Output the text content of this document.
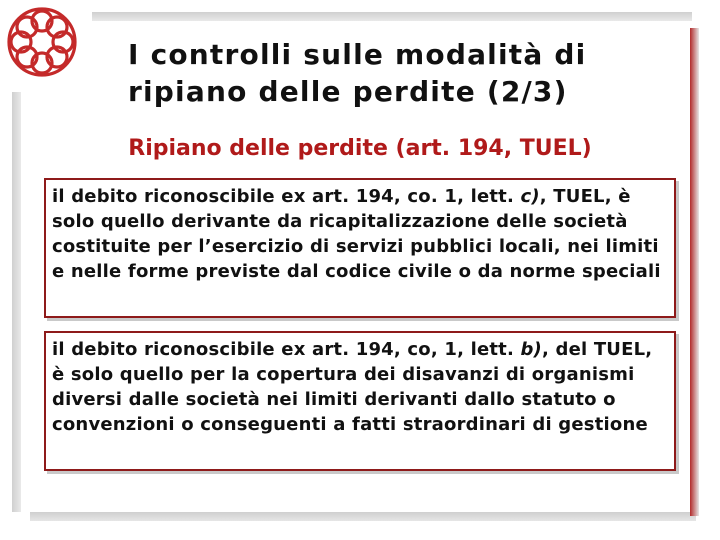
I controlli sulle modalità di
ripiano delle perdite (2/3)
Ripiano delle perdite (art. 194, TUEL)

il debito riconoscibile ex art. 194, co. 1, lett. c), TUEL, è solo quello derivante da ricapitalizzazione delle società costituite per l’esercizio di servizi pubblici locali, nei limiti e nelle forme previste dal codice civile o da norme speciali

il debito riconoscibile ex art. 194, co, 1, lett. b), del TUEL, è solo quello per la copertura dei disavanzi di organismi diversi dalle società nei limiti derivanti dallo statuto o convenzioni o conseguenti a fatti straordinari di gestione
